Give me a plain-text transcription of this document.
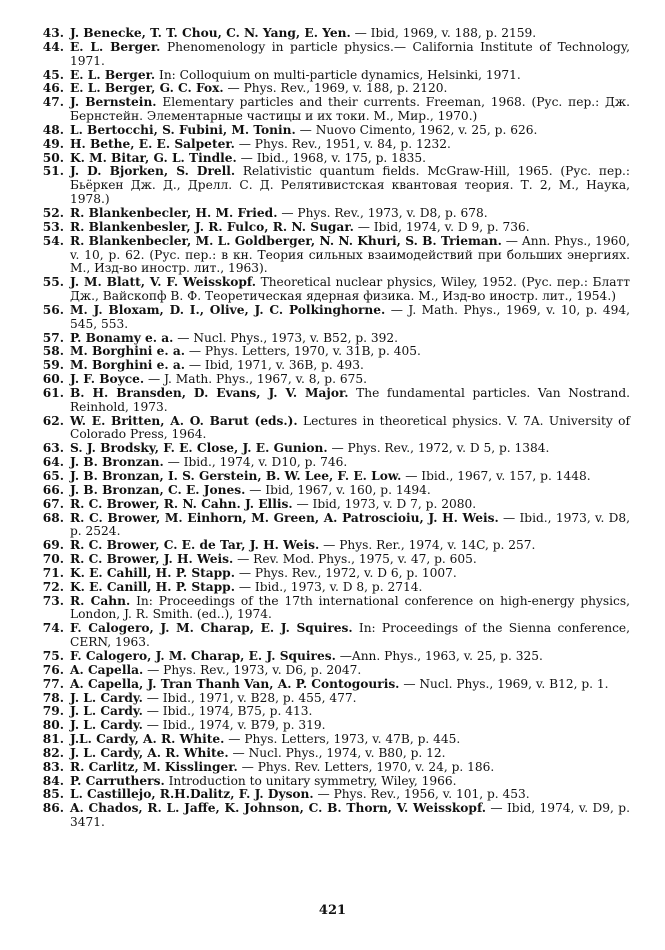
43. J. Benecke, T. T. Chou, C. N. Yang, E. Yen. — Ibid, 1969, v. 188, p. 2159.
44. E. L. Berger. Phenomenology in particle physics.— California Institute of Technology, 1971.
45. E. L. Berger. In: Colloquium on multi-particle dynamics, Helsinki, 1971.
46. E. L. Berger, G. C. Fox. — Phys. Rev., 1969, v. 188, p. 2120.
47. J. Bernstein. Elementary particles and their currents. Freeman, 1968. (Рус. пер.: Дж. Бернстейн. Элементарные частицы и их токи. М., Мир., 1970.)
48. L. Bertocchi, S. Fubini, M. Tonin. — Nuovo Cimento, 1962, v. 25, p. 626.
49. H. Bethe, E. E. Salpeter. — Phys. Rev., 1951, v. 84, p. 1232.
50. K. M. Bitar, G. L. Tindle. — Ibid., 1968, v. 175, p. 1835.
51. J. D. Bjorken, S. Drell. Relativistic quantum fields. McGraw-Hill, 1965. (Рус. пер.: Бьёркен Дж. Д., Дрелл. С. Д. Релятивистская квантовая теория. Т. 2, М., Наука, 1978.)
52. R. Blankenbecler, H. M. Fried. — Phys. Rev., 1973, v. D8, p. 678.
53. R. Blankenbesler, J. R. Fulco, R. N. Sugar. — Ibid, 1974, v. D 9, p. 736.
54. R. Blankenbecler, M. L. Goldberger, N. N. Khuri, S. B. Trieman. — Ann. Phys., 1960, v. 10, p. 62. (Рус. пер.: в кн. Теория сильных взаимодействий при больших энергиях. М., Изд-во иностр. лит., 1963).
55. J. M. Blatt, V. F. Weisskopf. Theoretical nuclear physics, Wiley, 1952. (Рус. пер.: Блатт Дж., Вайскопф В. Ф. Теоретическая ядерная физика. М., Изд-во иностр. лит., 1954.)
56. M. J. Bloxam, D. I., Olive, J. C. Polkinghorne. — J. Math. Phys., 1969, v. 10, p. 494, 545, 553.
57. P. Bonamy e. a. — Nucl. Phys., 1973, v. B52, p. 392.
58. M. Borghini e. a. — Phys. Letters, 1970, v. 31B, p. 405.
59. M. Borghini e. a. — Ibid, 1971, v. 36B, p. 493.
60. J. F. Boyce. — J. Math. Phys., 1967, v. 8, p. 675.
61. B. H. Bransden, D. Evans, J. V. Major. The fundamental particles. Van Nostrand. Reinhold, 1973.
62. W. E. Britten, A. O. Barut (eds.). Lectures in theoretical physics. V. 7A. University of Colorado Press, 1964.
63. S. J. Brodsky, F. E. Close, J. E. Gunion. — Phys. Rev., 1972, v. D 5, p. 1384.
64. J. B. Bronzan. — Ibid., 1974, v. D10, p. 746.
65. J. B. Bronzan, I. S. Gerstein, B. W. Lee, F. E. Low. — Ibid., 1967, v. 157, p. 1448.
66. J. B. Bronzan, C. E. Jones. — Ibid, 1967, v. 160, p. 1494.
67. R. C. Brower, R. N. Cahn. J. Ellis. — Ibid, 1973, v. D 7, p. 2080.
68. R. C. Brower, M. Einhorn, M. Green, A. Patroscioiu, J. H. Weis. — Ibid., 1973, v. D8, p. 2524.
69. R. C. Brower, C. E. de Tar, J. H. Weis. — Phys. Rer., 1974, v. 14C, p. 257.
70. R. C. Brower, J. H. Weis. — Rev. Mod. Phys., 1975, v. 47, p. 605.
71. K. E. Cahill, H. P. Stapp. — Phys. Rev., 1972, v. D 6, p. 1007.
72. K. E. Canill, H. P. Stapp. — Ibid., 1973, v. D 8, p. 2714.
73. R. Cahn. In: Proceedings of the 17th international conference on high-energy physics, London, J. R. Smith. (ed..), 1974.
74. F. Calogero, J. M. Charap, E. J. Squires. In: Proceedings of the Sienna conference, CERN, 1963.
75. F. Calogero, J. M. Charap, E. J. Squires. —Ann. Phys., 1963, v. 25, p. 325.
76. A. Capella. — Phys. Rev., 1973, v. D6, p. 2047.
77. A. Capella, J. Tran Thanh Van, A. P. Contogouris. — Nucl. Phys., 1969, v. B12, p. 1.
78. J. L. Cardy. — Ibid., 1971, v. B28, p. 455, 477.
79. J. L. Cardy. — Ibid., 1974, B75, p. 413.
80. J. L. Cardy. — Ibid., 1974, v. B79, p. 319.
81. J.L. Cardy, A. R. White. — Phys. Letters, 1973, v. 47B, p. 445.
82. J. L. Cardy, A. R. White. — Nucl. Phys., 1974, v. B80, p. 12.
83. R. Carlitz, M. Kisslinger. — Phys. Rev. Letters, 1970, v. 24, p. 186.
84. P. Carruthers. Introduction to unitary symmetry, Wiley, 1966.
85. L. Castillejo, R.H.Dalitz, F. J. Dyson. — Phys. Rev., 1956, v. 101, p. 453.
86. A. Chados, R. L. Jaffe, K. Johnson, C. B. Thorn, V. Weisskopf. — Ibid, 1974, v. D9, p. 3471.
421
